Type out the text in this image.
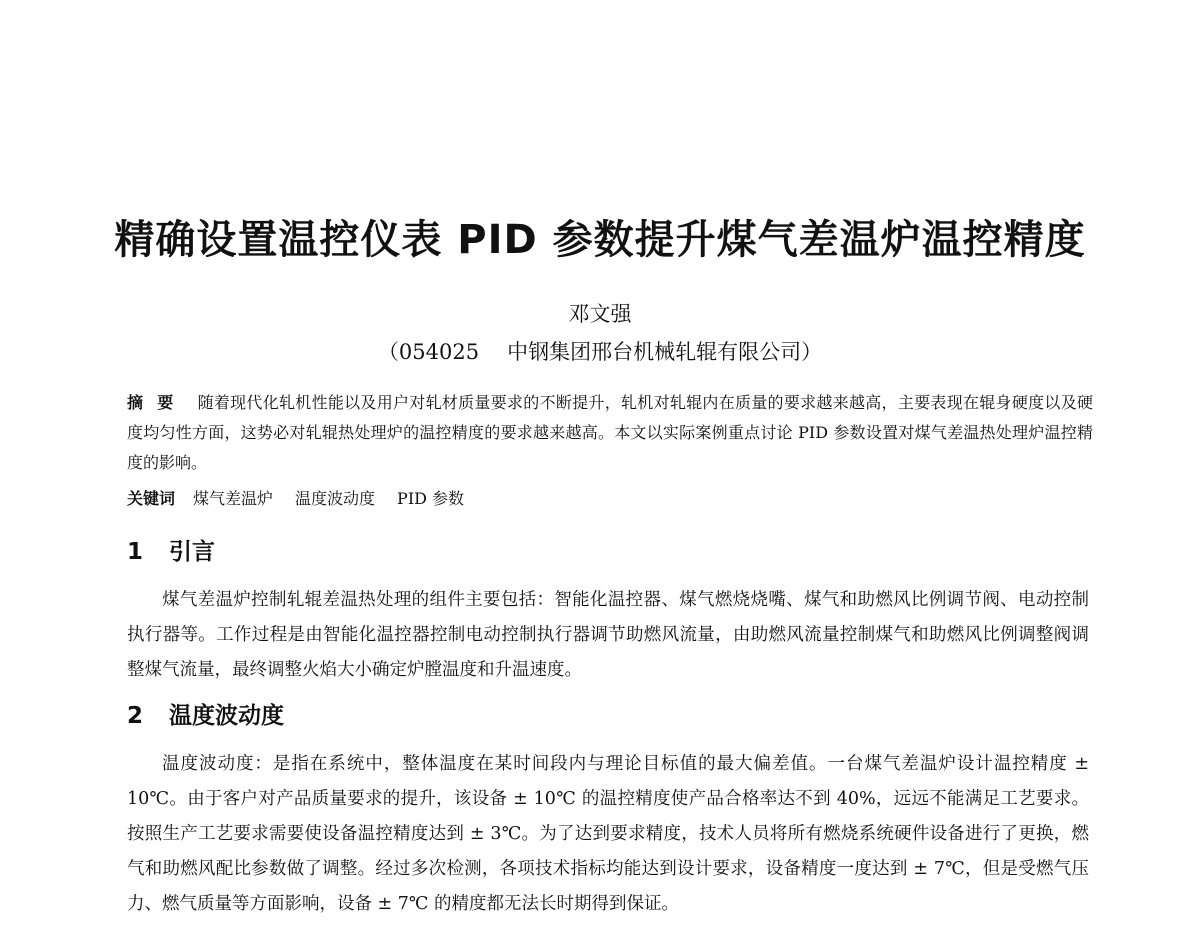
精确设置温控仪表 PID 参数提升煤气差温炉温控精度
邓文强
（054025 中钢集团邢台机械轧辊有限公司）
摘要 随着现代化轧机性能以及用户对轧材质量要求的不断提升，轧机对轧辊内在质量的要求越来越高，主要表现在辊身硬度以及硬度均匀性方面，这势必对轧辊热处理炉的温控精度的要求越来越高。本文以实际案例重点讨论 PID 参数设置对煤气差温热处理炉温控精度的影响。
关键词 煤气差温炉 温度波动度 PID 参数
1 引言
煤气差温炉控制轧辊差温热处理的组件主要包括：智能化温控器、煤气燃烧烧嘴、煤气和助燃风比例调节阀、电动控制执行器等。工作过程是由智能化温控器控制电动控制执行器调节助燃风流量，由助燃风流量控制煤气和助燃风比例调整阀调整煤气流量，最终调整火焰大小确定炉膛温度和升温速度。
2 温度波动度
温度波动度：是指在系统中，整体温度在某时间段内与理论目标值的最大偏差值。一台煤气差温炉设计温控精度 ± 10℃。由于客户对产品质量要求的提升，该设备 ± 10℃ 的温控精度使产品合格率达不到 40%，远远不能满足工艺要求。按照生产工艺要求需要使设备温控精度达到 ± 3℃。为了达到要求精度，技术人员将所有燃烧系统硬件设备进行了更换，燃气和助燃风配比参数做了调整。经过多次检测，各项技术指标均能达到设计要求，设备精度一度达到 ± 7℃，但是受燃气压力、燃气质量等方面影响，设备 ± 7℃ 的精度都无法长时期得到保证。
